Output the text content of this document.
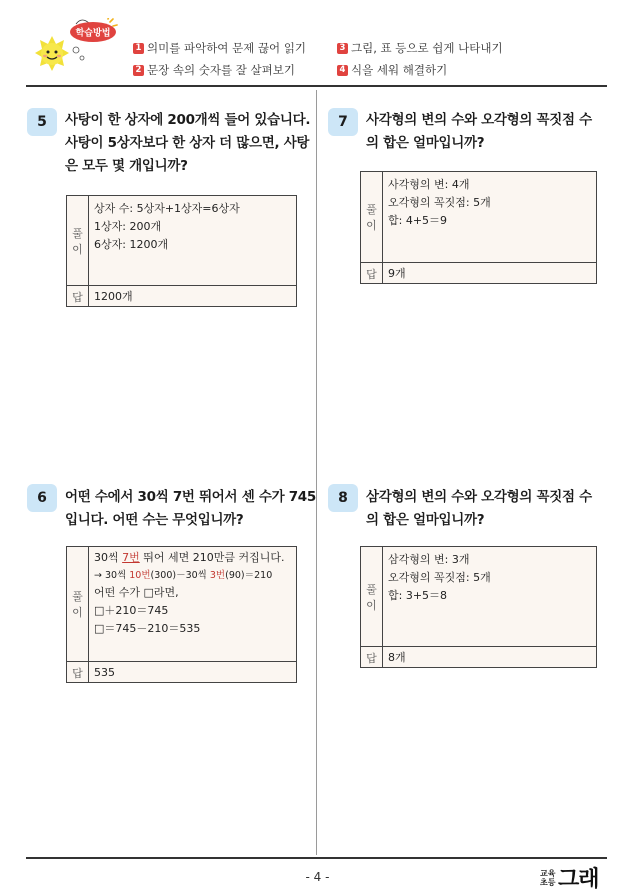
학습방법
1 의미를 파악하여 문제 끊어 읽기
2 문장 속의 숫자를 잘 살펴보기
3 그림, 표 등으로 쉽게 나타내기
4 식을 세워 해결하기
5	사탕이 한 상자에 200개씩 들어 있습니다.
사탕이 5상자보다 한 상자 더 많으면, 사탕
은 모두 몇 개입니까?
풀
이
상자 수: 5상자+1상자=6상자
1상자: 200개
6상자: 1200개
답	1200개
7	사각형의 변의 수와 오각형의 꼭짓점 수
의 합은 얼마입니까?
풀
이
사각형의 변: 4개
오각형의 꼭짓점: 5개
합: 4+5＝9
답	9개
6	어떤 수에서 30씩 7번 뛰어서 센 수가 745
입니다. 어떤 수는 무엇입니까?
풀
이
30씩 7번 뛰어 세면 210만큼 커집니다.
→ 30씩 10번(300)－30씩 3번(90)＝210
어떤 수가 □라면,
□＋210＝745
□＝745－210＝535
답	535
8	삼각형의 변의 수와 오각형의 꼭짓점 수
의 합은 얼마입니까?
풀
이
삼각형의 변: 3개
오각형의 꼭짓점: 5개
합: 3+5＝8
답	8개
- 4 -	교육
초등 그래
